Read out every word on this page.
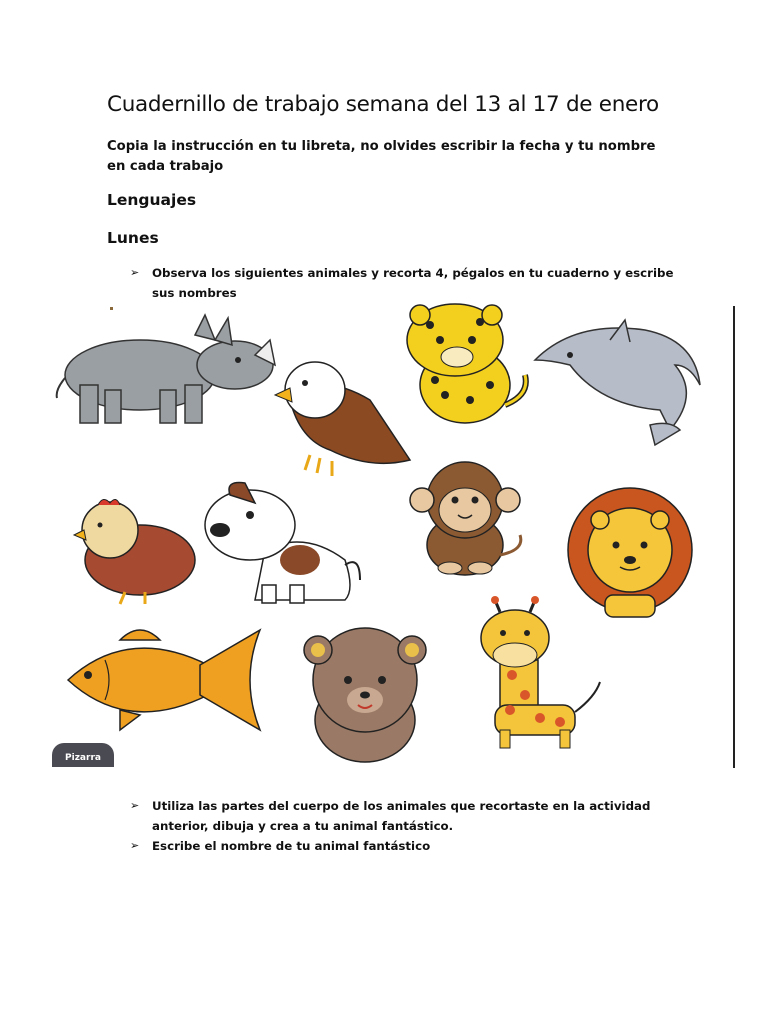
Cuadernillo de trabajo semana del 13 al 17 de enero
Copia la instrucción en tu libreta, no olvides escribir la fecha y tu nombre en cada trabajo
Lenguajes
Lunes
➢ Observa los siguientes animales y recorta 4, pégalos en tu cuaderno y escribe sus nombres
Pizarra
➢ Utiliza las partes del cuerpo de los animales que recortaste en la actividad anterior, dibuja y crea a tu animal fantástico.
➢ Escribe el nombre de tu animal fantástico
